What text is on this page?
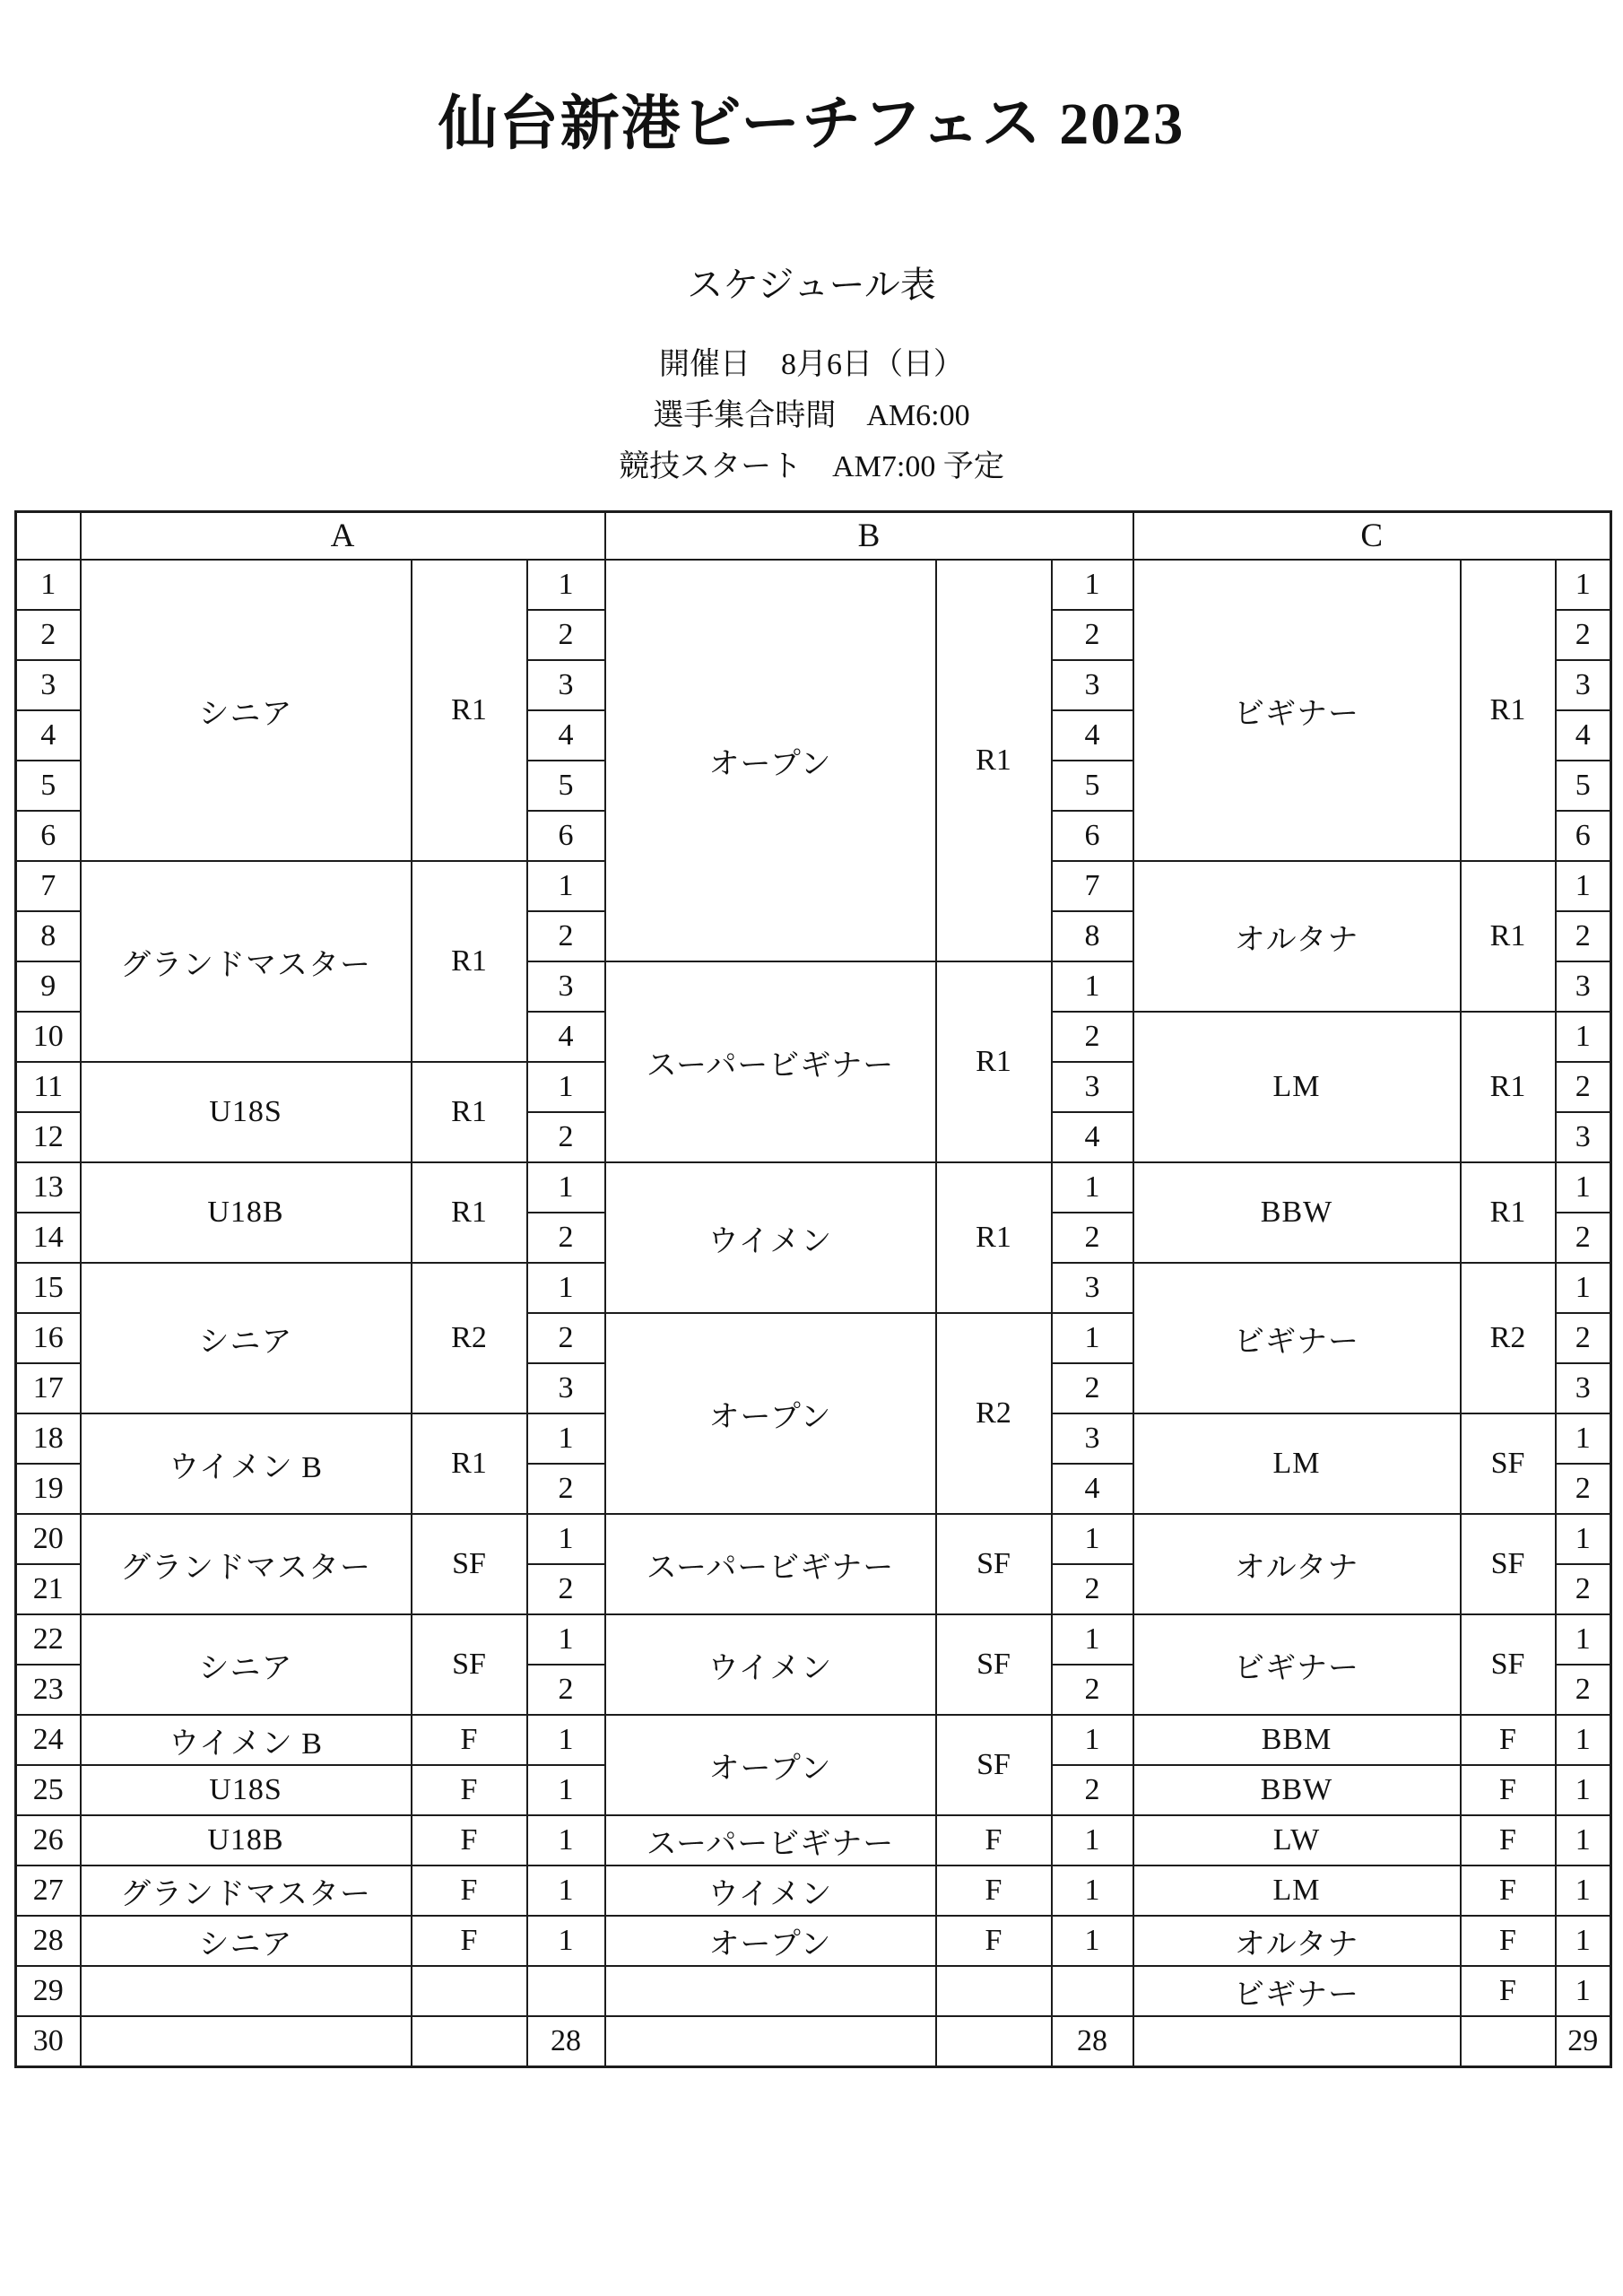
仙台新港ビーチフェス 2023
スケジュール表
開催日　8月6日（日）
選手集合時間　AM6:00
競技スタート　AM7:00 予定
	A			B			C		
1	シニア	R1	1	オープン	R1	1	ビギナー	R1	1
2			2			2			2
3			3			3			3
4			4			4			4
5			5			5			5
6			6			6			6
7	グランドマスター	R1	1			7	オルタナ	R1	1
8			2			8			2
9			3	スーパービギナー	R1	1			3
10			4			2	LM	R1	1
11	U18S	R1	1			3			2
12			2			4			3
13	U18B	R1	1	ウイメン	R1	1	BBW	R1	1
14			2			2			2
15	シニア	R2	1			3	ビギナー	R2	1
16			2	オープン	R2	1			2
17			3			2			3
18	ウイメン B	R1	1			3	LM	SF	1
19			2			4			2
20	グランドマスター	SF	1	スーパービギナー	SF	1	オルタナ	SF	1
21			2			2			2
22	シニア	SF	1	ウイメン	SF	1	ビギナー	SF	1
23			2			2			2
24	ウイメン B	F	1	オープン	SF	1	BBM	F	1
25	U18S	F	1			2	BBW	F	1
26	U18B	F	1	スーパービギナー	F	1	LW	F	1
27	グランドマスター	F	1	ウイメン	F	1	LM	F	1
28	シニア	F	1	オープン	F	1	オルタナ	F	1
29							ビギナー	F	1
30			28			28			29
